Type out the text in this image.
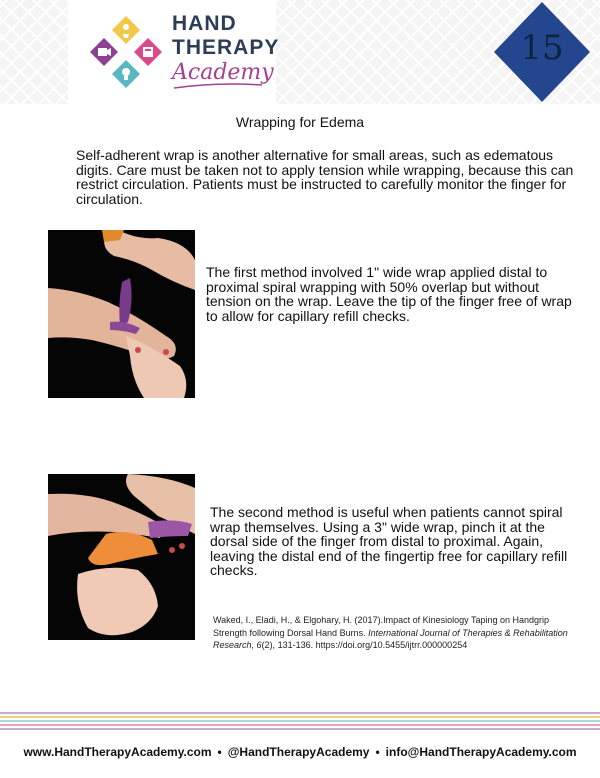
HAND
THERAPY
Academy
15
Wrapping for Edema
Self-adherent wrap is another alternative for small areas, such as edematous digits. Care must be taken not to apply tension while wrapping, because this can restrict circulation. Patients must be instructed to carefully monitor the finger for circulation.
The first method involved 1" wide wrap applied distal to proximal spiral wrapping with 50% overlap but without tension on the wrap. Leave the tip of the finger free of wrap to allow for capillary refill checks.
The second method is useful when patients cannot spiral wrap themselves. Using a 3" wide wrap, pinch it at the dorsal side of the finger from distal to proximal. Again, leaving the distal end of the fingertip free for capillary refill checks.
Waked, I., Eladi, H., & Elgohary, H. (2017).Impact of Kinesiology Taping on Handgrip Strength following Dorsal Hand Burns. International Journal of Therapies & Rehabilitation Research, 6(2), 131-136. https://doi.org/10.5455/ijtrr.000000254
www.HandTherapyAcademy.com • @HandTherapyAcademy • info@HandTherapyAcademy.com
